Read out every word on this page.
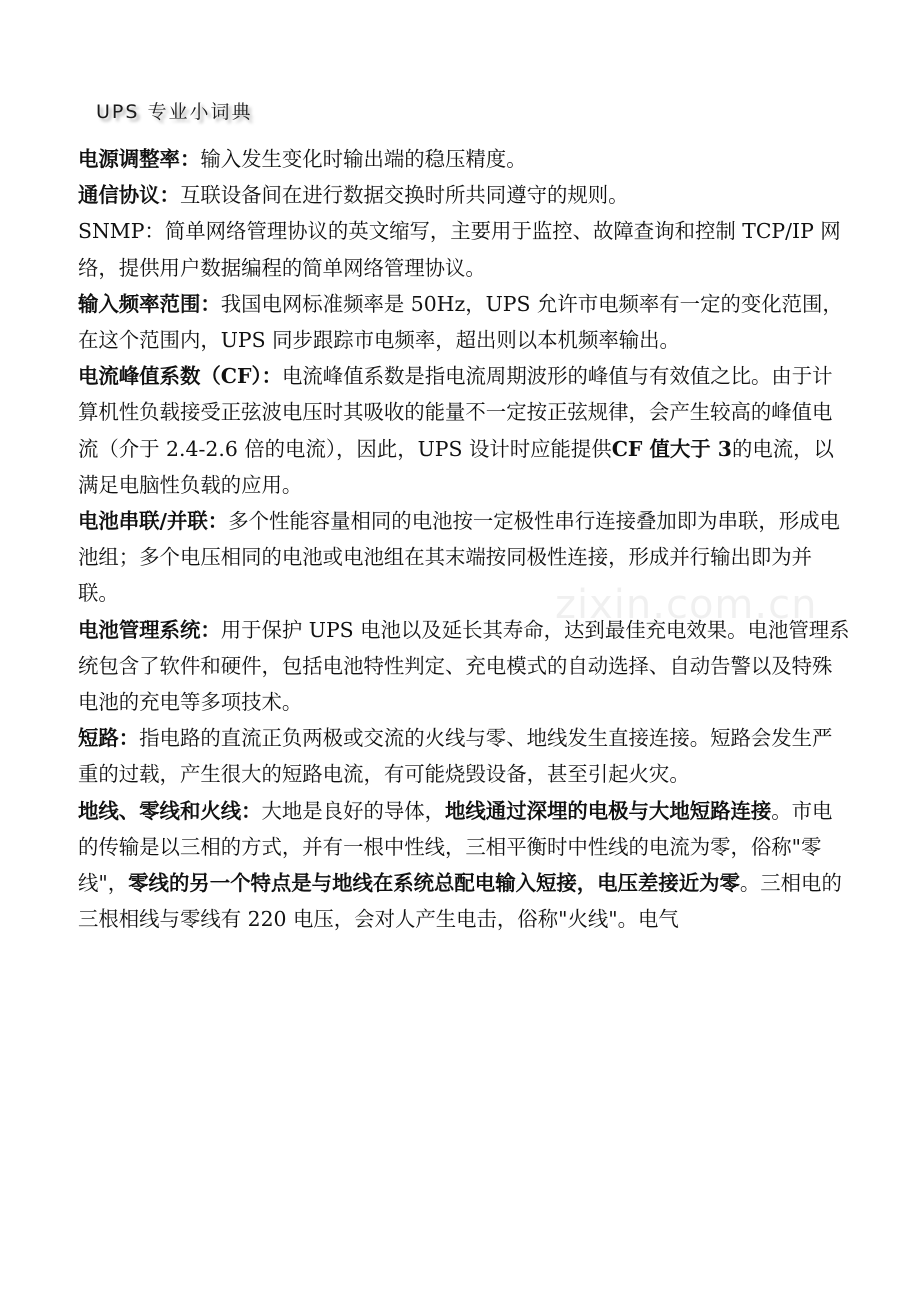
UPS 专业小词典
zixin.com.cn

电源调整率：输入发生变化时输出端的稳压精度。

通信协议：互联设备间在进行数据交换时所共同遵守的规则。

SNMP：简单网络管理协议的英文缩写，主要用于监控、故障查询和控制 TCP/IP 网络，提供用户数据编程的简单网络管理协议。

输入频率范围：我国电网标准频率是 50Hz，UPS 允许市电频率有一定的变化范围，在这个范围内，UPS 同步跟踪市电频率，超出则以本机频率输出。

电流峰值系数（CF）：电流峰值系数是指电流周期波形的峰值与有效值之比。由于计算机性负载接受正弦波电压时其吸收的能量不一定按正弦规律，会产生较高的峰值电流（介于 2.4-2.6 倍的电流），因此，UPS 设计时应能提供CF 值大于 3的电流，以满足电脑性负载的应用。

电池串联/并联：多个性能容量相同的电池按一定极性串行连接叠加即为串联，形成电池组；多个电压相同的电池或电池组在其末端按同极性连接，形成并行输出即为并联。

电池管理系统：用于保护 UPS 电池以及延长其寿命，达到最佳充电效果。电池管理系统包含了软件和硬件，包括电池特性判定、充电模式的自动选择、自动告警以及特殊电池的充电等多项技术。

短路：指电路的直流正负两极或交流的火线与零、地线发生直接连接。短路会发生严重的过载，产生很大的短路电流，有可能烧毁设备，甚至引起火灾。

地线、零线和火线：大地是良好的导体，地线通过深埋的电极与大地短路连接。市电的传输是以三相的方式，并有一根中性线，三相平衡时中性线的电流为零，俗称"零线"，零线的另一个特点是与地线在系统总配电输入短接，电压差接近为零。三相电的三根相线与零线有 220 电压，会对人产生电击，俗称"火线"。电气
